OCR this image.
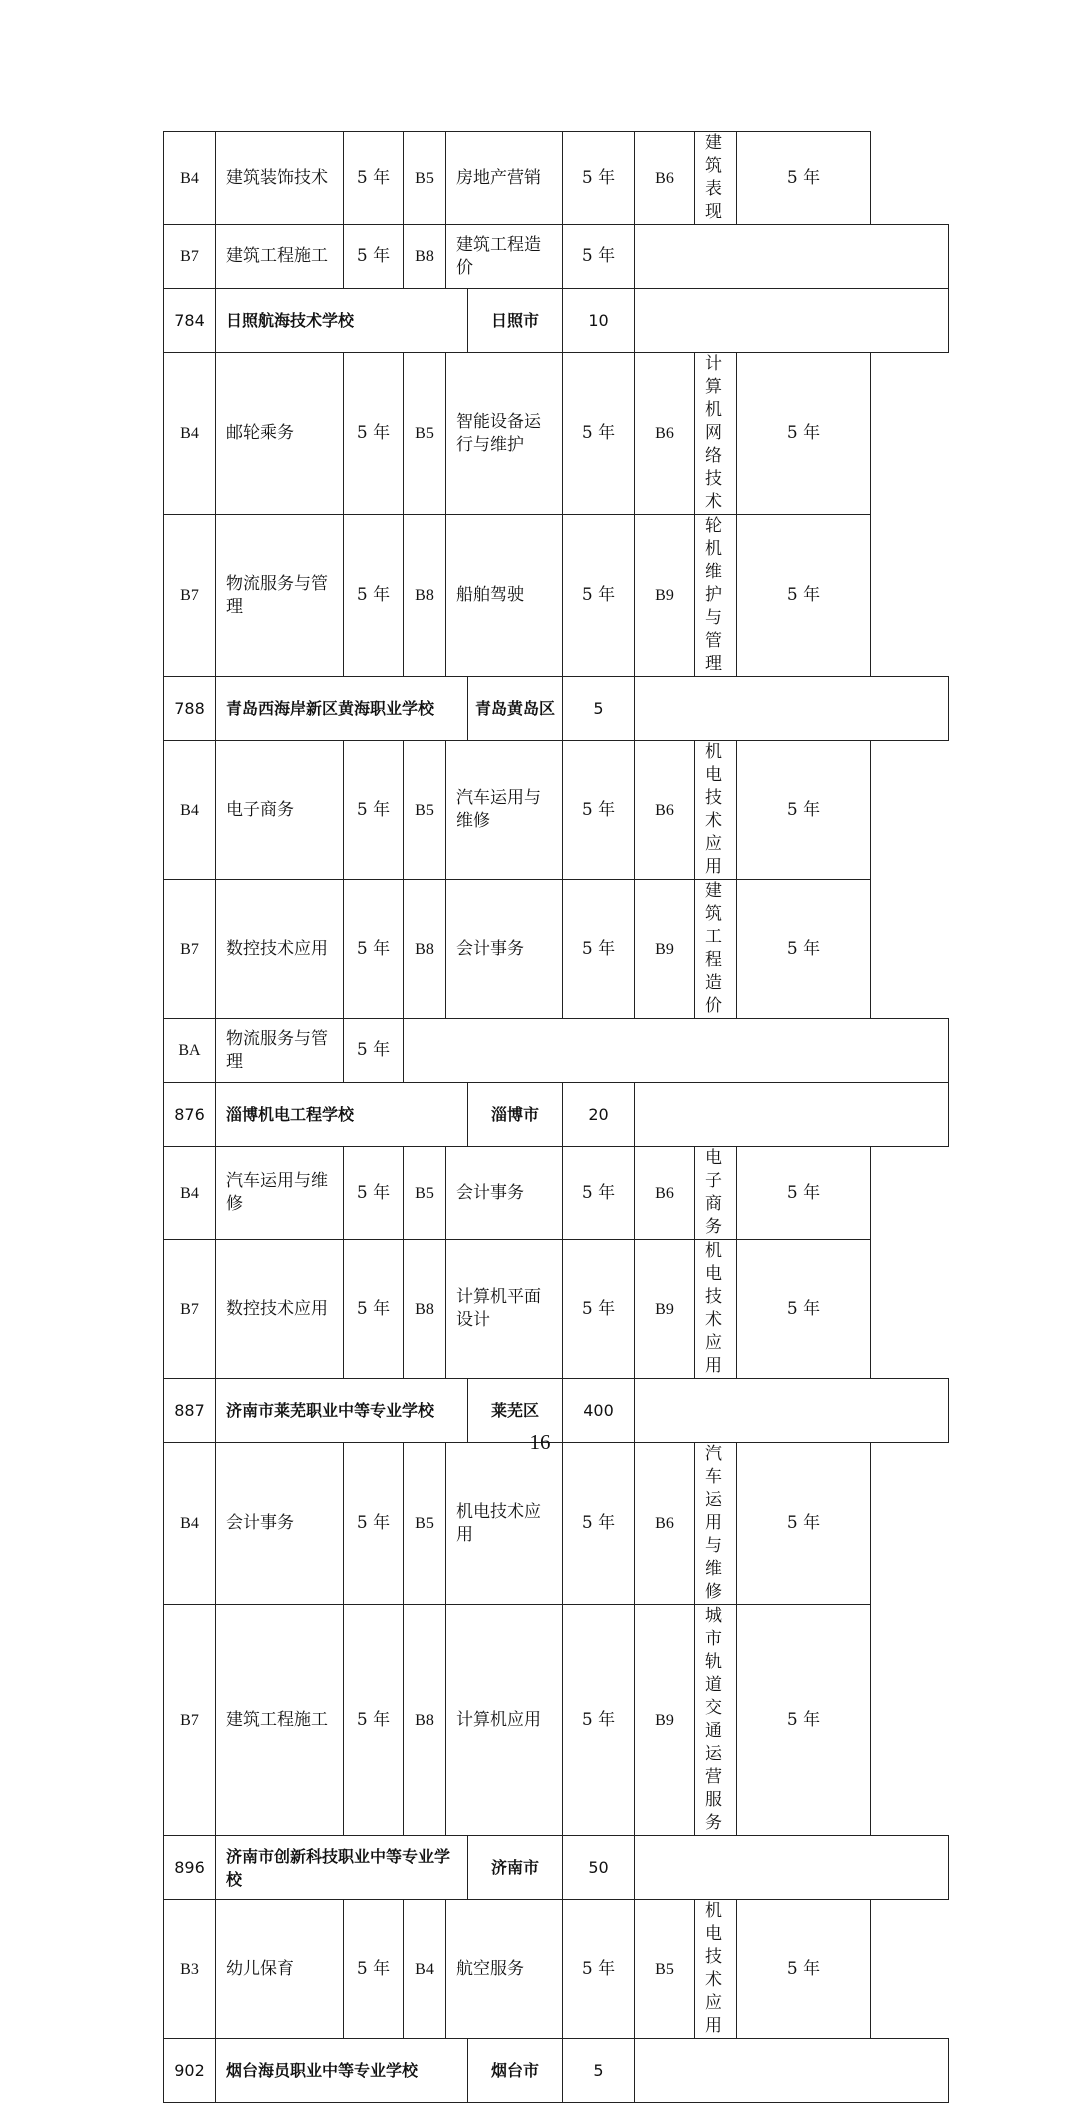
B4	建筑装饰技术	5 年	B5	房地产营销		5 年	B6	建筑表现	5 年
B7	建筑工程施工	5 年	B8	建筑工程造价		5 年			
784	日照航海技术学校				日照市	10			
B4	邮轮乘务	5 年	B5	智能设备运行与维护		5 年	B6	计算机网络技术	5 年
B7	物流服务与管理	5 年	B8	船舶驾驶		5 年	B9	轮机维护与管理	5 年
788	青岛西海岸新区黄海职业学校				青岛黄岛区	5			
B4	电子商务	5 年	B5	汽车运用与维修		5 年	B6	机电技术应用	5 年
B7	数控技术应用	5 年	B8	会计事务		5 年	B9	建筑工程造价	5 年
BA	物流服务与管理	5 年							
876	淄博机电工程学校				淄博市	20			
B4	汽车运用与维修	5 年	B5	会计事务		5 年	B6	电子商务	5 年
B7	数控技术应用	5 年	B8	计算机平面设计		5 年	B9	机电技术应用	5 年
887	济南市莱芜职业中等专业学校				莱芜区	400			
B4	会计事务	5 年	B5	机电技术应用		5 年	B6	汽车运用与维修	5 年
B7	建筑工程施工	5 年	B8	计算机应用		5 年	B9	城市轨道交通运营服务	5 年
896	济南市创新科技职业中等专业学校				济南市	50			
B3	幼儿保育	5 年	B4	航空服务		5 年	B5	机电技术应用	5 年
902	烟台海员职业中等专业学校				烟台市	5			
16
